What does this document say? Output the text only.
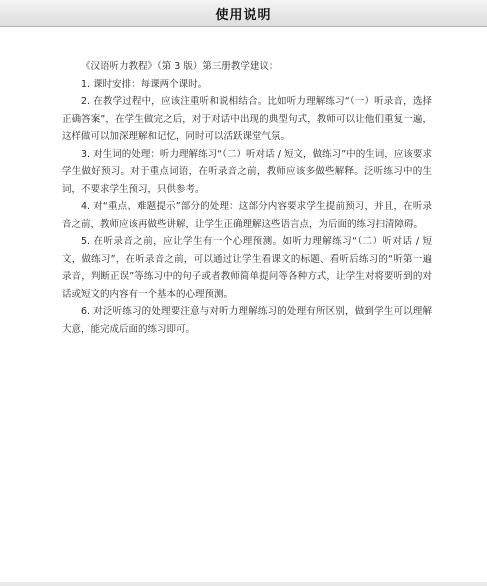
使用说明

《汉语听力教程》（第 3 版）第三册教学建议：

1. 课时安排：每课两个课时。

2. 在教学过程中，应该注重听和说相结合。比如听力理解练习“（一）听录音，选择正确答案”，在学生做完之后，对于对话中出现的典型句式，教师可以让他们重复一遍，这样做可以加深理解和记忆，同时可以活跃课堂气氛。

3. 对生词的处理：听力理解练习“（二）听对话 / 短文，做练习”中的生词，应该要求学生做好预习。对于重点词语，在听录音之前，教师应该多做些解释。泛听练习中的生词，不要求学生预习，只供参考。

4. 对“重点、难题提示”部分的处理：这部分内容要求学生提前预习，并且，在听录音之前，教师应该再做些讲解，让学生正确理解这些语言点，为后面的练习扫清障碍。

5. 在听录音之前，应让学生有一个心理预测。如听力理解练习“（二）听对话 / 短文，做练习”，在听录音之前，可以通过让学生看课文的标题、看听后练习的“听第一遍录音，判断正误”等练习中的句子或者教师简单提问等各种方式，让学生对将要听到的对话或短文的内容有一个基本的心理预测。

6. 对泛听练习的处理要注意与对听力理解练习的处理有所区别，做到学生可以理解大意，能完成后面的练习即可。
